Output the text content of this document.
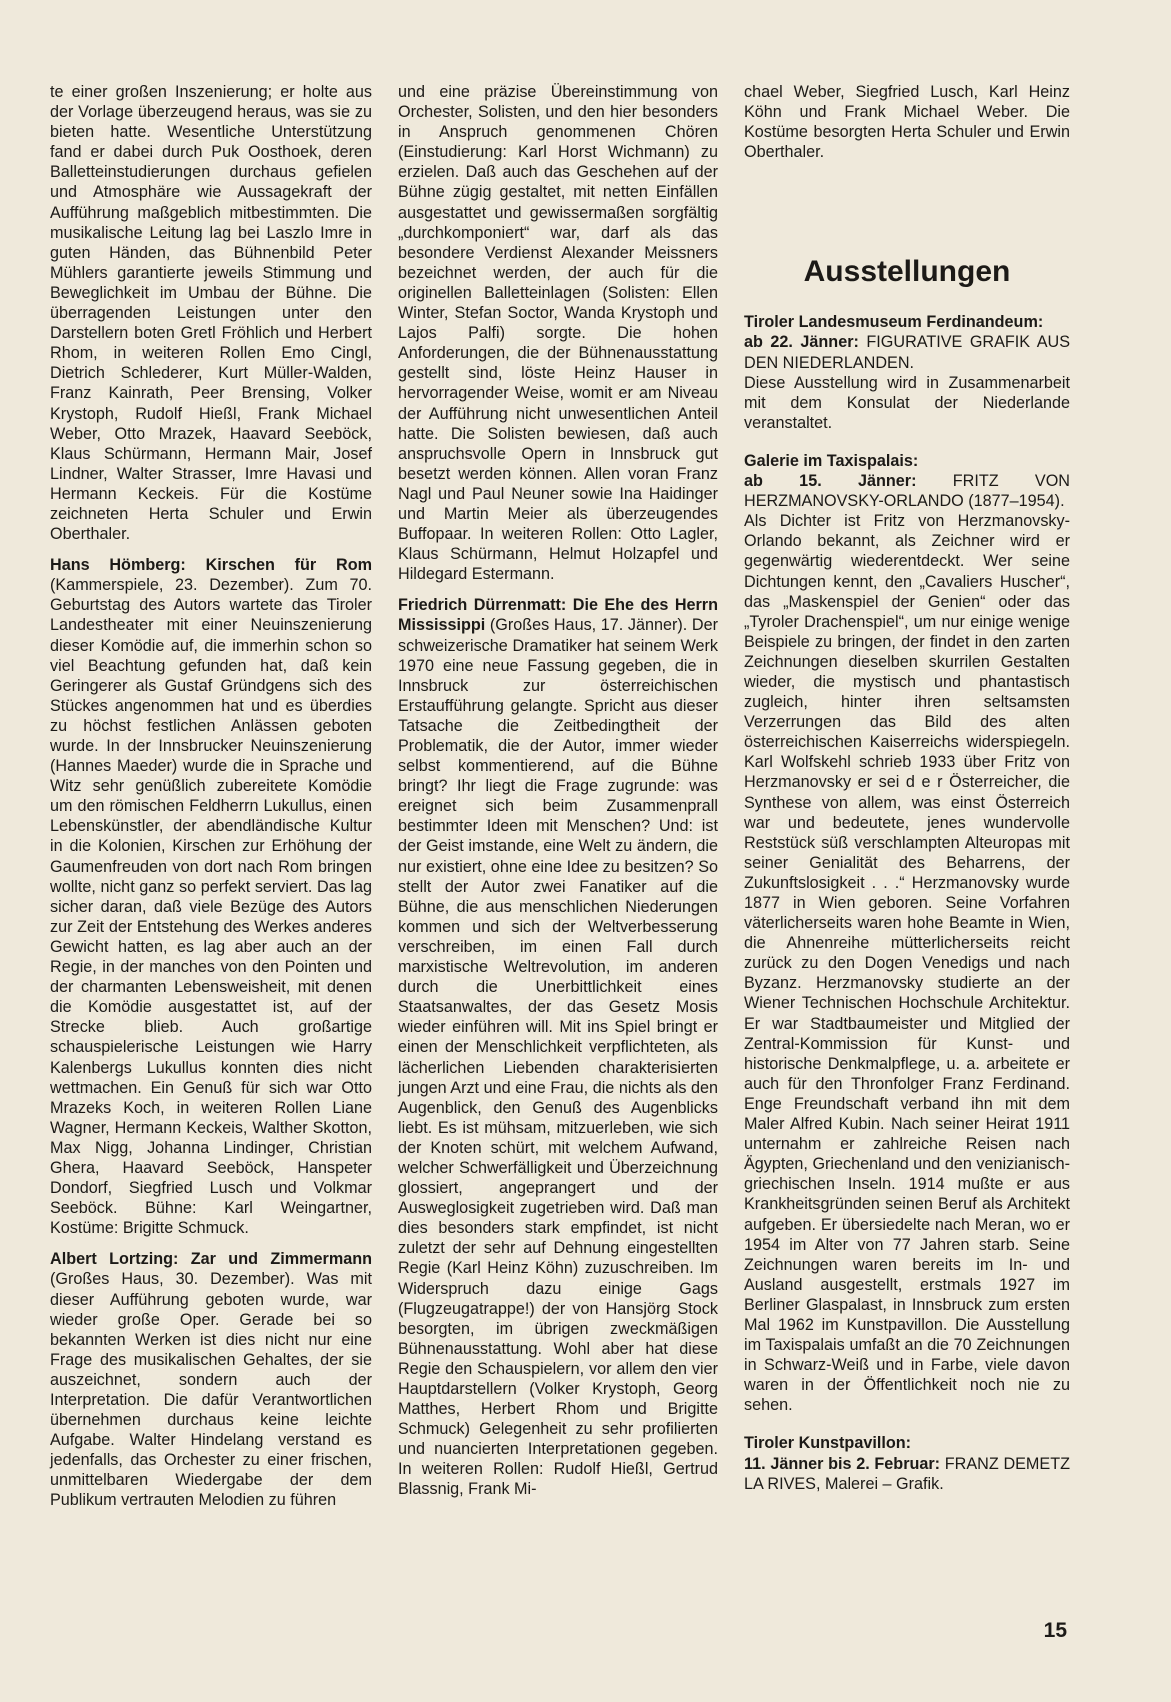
te einer großen Inszenierung; er holte aus der Vorlage überzeugend heraus, was sie zu bieten hatte. Wesentliche Unterstützung fand er dabei durch Puk Oosthoek, deren Balletteinstudierungen durchaus gefielen und Atmosphäre wie Aussagekraft der Aufführung maßgeblich mitbestimmten. Die musikalische Leitung lag bei Laszlo Imre in guten Händen, das Bühnenbild Peter Mühlers garantierte jeweils Stimmung und Beweglichkeit im Umbau der Bühne. Die überragenden Leistungen unter den Darstellern boten Gretl Fröhlich und Herbert Rhom, in weiteren Rollen Emo Cingl, Dietrich Schlederer, Kurt Müller-Walden, Franz Kainrath, Peer Brensing, Volker Krystoph, Rudolf Hießl, Frank Michael Weber, Otto Mrazek, Haavard Seeböck, Klaus Schürmann, Hermann Mair, Josef Lindner, Walter Strasser, Imre Havasi und Hermann Keckeis. Für die Kostüme zeichneten Herta Schuler und Erwin Oberthaler.

Hans Hömberg: Kirschen für Rom (Kammerspiele, 23. Dezember). Zum 70. Geburtstag des Autors wartete das Tiroler Landestheater mit einer Neuinszenierung dieser Komödie auf, die immerhin schon so viel Beachtung gefunden hat, daß kein Geringerer als Gustaf Gründgens sich des Stückes angenommen hat und es überdies zu höchst festlichen Anlässen geboten wurde. In der Innsbrucker Neuinszenierung (Hannes Maeder) wurde die in Sprache und Witz sehr genüßlich zubereitete Komödie um den römischen Feldherrn Lukullus, einen Lebenskünstler, der abendländische Kultur in die Kolonien, Kirschen zur Erhöhung der Gaumenfreuden von dort nach Rom bringen wollte, nicht ganz so perfekt serviert. Das lag sicher daran, daß viele Bezüge des Autors zur Zeit der Entstehung des Werkes anderes Gewicht hatten, es lag aber auch an der Regie, in der manches von den Pointen und der charmanten Lebensweisheit, mit denen die Komödie ausgestattet ist, auf der Strecke blieb. Auch großartige schauspielerische Leistungen wie Harry Kalenbergs Lukullus konnten dies nicht wettmachen. Ein Genuß für sich war Otto Mrazeks Koch, in weiteren Rollen Liane Wagner, Hermann Keckeis, Walther Skotton, Max Nigg, Johanna Lindinger, Christian Ghera, Haavard Seeböck, Hanspeter Dondorf, Siegfried Lusch und Volkmar Seeböck. Bühne: Karl Weingartner, Kostüme: Brigitte Schmuck.

Albert Lortzing: Zar und Zimmermann (Großes Haus, 30. Dezember). Was mit dieser Aufführung geboten wurde, war wieder große Oper. Gerade bei so bekannten Werken ist dies nicht nur eine Frage des musikalischen Gehaltes, der sie auszeichnet, sondern auch der Interpretation. Die dafür Verantwortlichen übernehmen durchaus keine leichte Aufgabe. Walter Hindelang verstand es jedenfalls, das Orchester zu einer frischen, unmittelbaren Wiedergabe der dem Publikum vertrauten Melodien zu führen

und eine präzise Übereinstimmung von Orchester, Solisten, und den hier besonders in Anspruch genommenen Chören (Einstudierung: Karl Horst Wichmann) zu erzielen. Daß auch das Geschehen auf der Bühne zügig gestaltet, mit netten Einfällen ausgestattet und gewissermaßen sorgfältig „durchkomponiert“ war, darf als das besondere Verdienst Alexander Meissners bezeichnet werden, der auch für die originellen Balletteinlagen (Solisten: Ellen Winter, Stefan Soctor, Wanda Krystoph und Lajos Palfi) sorgte. Die hohen Anforderungen, die der Bühnenausstattung gestellt sind, löste Heinz Hauser in hervorragender Weise, womit er am Niveau der Aufführung nicht unwesentlichen Anteil hatte. Die Solisten bewiesen, daß auch anspruchsvolle Opern in Innsbruck gut besetzt werden können. Allen voran Franz Nagl und Paul Neuner sowie Ina Haidinger und Martin Meier als überzeugendes Buffopaar. In weiteren Rollen: Otto Lagler, Klaus Schürmann, Helmut Holzapfel und Hildegard Estermann.

Friedrich Dürrenmatt: Die Ehe des Herrn Mississippi (Großes Haus, 17. Jänner). Der schweizerische Dramatiker hat seinem Werk 1970 eine neue Fassung gegeben, die in Innsbruck zur österreichischen Erstaufführung gelangte. Spricht aus dieser Tatsache die Zeitbedingtheit der Problematik, die der Autor, immer wieder selbst kommentierend, auf die Bühne bringt? Ihr liegt die Frage zugrunde: was ereignet sich beim Zusammenprall bestimmter Ideen mit Menschen? Und: ist der Geist imstande, eine Welt zu ändern, die nur existiert, ohne eine Idee zu besitzen? So stellt der Autor zwei Fanatiker auf die Bühne, die aus menschlichen Niederungen kommen und sich der Weltverbesserung verschreiben, im einen Fall durch marxistische Weltrevolution, im anderen durch die Unerbittlichkeit eines Staatsanwaltes, der das Gesetz Mosis wieder einführen will. Mit ins Spiel bringt er einen der Menschlichkeit verpflichteten, als lächerlichen Liebenden charakterisierten jungen Arzt und eine Frau, die nichts als den Augenblick, den Genuß des Augenblicks liebt. Es ist mühsam, mitzuerleben, wie sich der Knoten schürt, mit welchem Aufwand, welcher Schwerfälligkeit und Überzeichnung glossiert, angeprangert und der Ausweglosigkeit zugetrieben wird. Daß man dies besonders stark empfindet, ist nicht zuletzt der sehr auf Dehnung eingestellten Regie (Karl Heinz Köhn) zuzuschreiben. Im Widerspruch dazu einige Gags (Flugzeugatrappe!) der von Hansjörg Stock besorgten, im übrigen zweckmäßigen Bühnenausstattung. Wohl aber hat diese Regie den Schauspielern, vor allem den vier Hauptdarstellern (Volker Krystoph, Georg Matthes, Herbert Rhom und Brigitte Schmuck) Gelegenheit zu sehr profilierten und nuancierten Interpretationen gegeben. In weiteren Rollen: Rudolf Hießl, Gertrud Blassnig, Frank Mi-

chael Weber, Siegfried Lusch, Karl Heinz Köhn und Frank Michael Weber. Die Kostüme besorgten Herta Schuler und Erwin Oberthaler.

Ausstellungen

Tiroler Landesmuseum Ferdinandeum:
ab 22. Jänner: FIGURATIVE GRAFIK AUS DEN NIEDERLANDEN.
Diese Ausstellung wird in Zusammenarbeit mit dem Konsulat der Niederlande veranstaltet.

Galerie im Taxispalais:
ab 15. Jänner: FRITZ VON HERZMANOVSKY-ORLANDO (1877–1954).
Als Dichter ist Fritz von Herzmanovsky-Orlando bekannt, als Zeichner wird er gegenwärtig wiederentdeckt. Wer seine Dichtungen kennt, den „Cavaliers Huscher“, das „Maskenspiel der Genien“ oder das „Tyroler Drachenspiel“, um nur einige wenige Beispiele zu bringen, der findet in den zarten Zeichnungen dieselben skurrilen Gestalten wieder, die mystisch und phantastisch zugleich, hinter ihren seltsamsten Verzerrungen das Bild des alten österreichischen Kaiserreichs widerspiegeln. Karl Wolfskehl schrieb 1933 über Fritz von Herzmanovsky er sei d e r Österreicher, die Synthese von allem, was einst Österreich war und bedeutete, jenes wundervolle Reststück süß verschlampten Alteuropas mit seiner Genialität des Beharrens, der Zukunftslosigkeit . . .“ Herzmanovsky wurde 1877 in Wien geboren. Seine Vorfahren väterlicherseits waren hohe Beamte in Wien, die Ahnenreihe mütterlicherseits reicht zurück zu den Dogen Venedigs und nach Byzanz. Herzmanovsky studierte an der Wiener Technischen Hochschule Architektur. Er war Stadtbaumeister und Mitglied der Zentral-Kommission für Kunst- und historische Denkmalpflege, u. a. arbeitete er auch für den Thronfolger Franz Ferdinand. Enge Freundschaft verband ihn mit dem Maler Alfred Kubin. Nach seiner Heirat 1911 unternahm er zahlreiche Reisen nach Ägypten, Griechenland und den venizianisch-griechischen Inseln. 1914 mußte er aus Krankheitsgründen seinen Beruf als Architekt aufgeben. Er übersiedelte nach Meran, wo er 1954 im Alter von 77 Jahren starb. Seine Zeichnungen waren bereits im In- und Ausland ausgestellt, erstmals 1927 im Berliner Glaspalast, in Innsbruck zum ersten Mal 1962 im Kunstpavillon. Die Ausstellung im Taxispalais umfaßt an die 70 Zeichnungen in Schwarz-Weiß und in Farbe, viele davon waren in der Öffentlichkeit noch nie zu sehen.

Tiroler Kunstpavillon:
11. Jänner bis 2. Februar: FRANZ DEMETZ LA RIVES, Malerei – Grafik.

15
